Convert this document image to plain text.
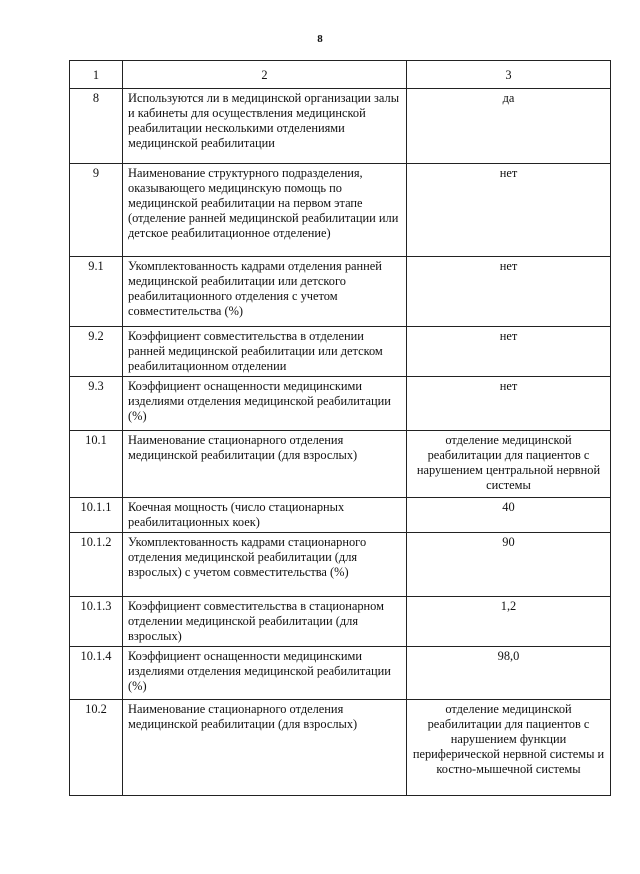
8
1	2	3
8	Используются ли в медицинской организации залы и кабинеты для осуществления медицинской реабилитации несколькими отделениями медицинской реабилитации	да
9	Наименование структурного подразделения, оказывающего медицинскую помощь по медицинской реабилитации на первом этапе (отделение ранней медицинской реабилитации или детское реабилитационное отделение)	нет
9.1	Укомплектованность кадрами отделения ранней медицинской реабилитации или детского реабилитационного отделения с учетом совместительства (%)	нет
9.2	Коэффициент совместительства в отделении ранней медицинской реабилитации или детском реабилитационном отделении	нет
9.3	Коэффициент оснащенности медицинскими изделиями отделения медицинской реабилитации (%)	нет
10.1	Наименование стационарного отделения медицинской реабилитации (для взрослых)	отделение медицинской реабилитации для пациентов с нарушением центральной нервной системы
10.1.1	Коечная мощность (число стационарных реабилитационных коек)	40
10.1.2	Укомплектованность кадрами стационарного отделения медицинской реабилитации (для взрослых) с учетом совместительства (%)	90
10.1.3	Коэффициент совместительства в стационарном отделении медицинской реабилитации (для взрослых)	1,2
10.1.4	Коэффициент оснащенности медицинскими изделиями отделения медицинской реабилитации (%)	98,0
10.2	Наименование стационарного отделения медицинской реабилитации (для взрослых)	отделение медицинской реабилитации для пациентов с нарушением функции периферической нервной системы и костно-мышечной системы
